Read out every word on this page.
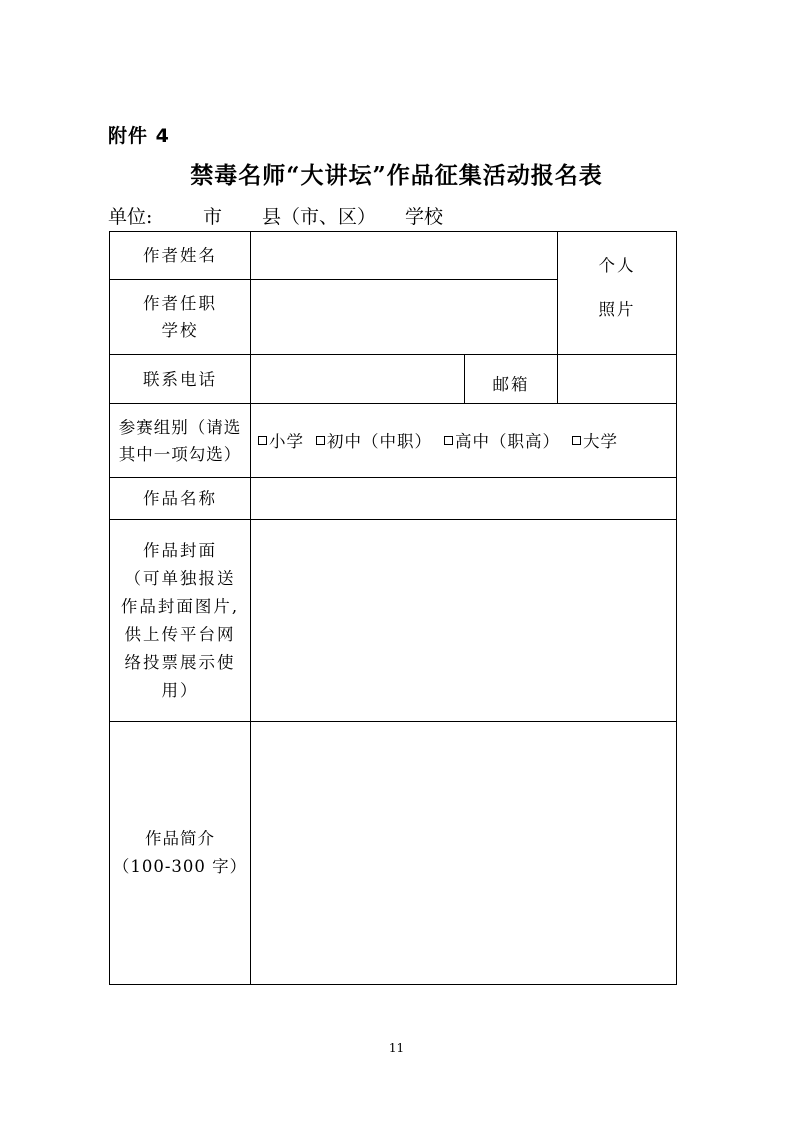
附件 4
禁毒名师“大讲坛”作品征集活动报名表
单位:	市 县（市、区） 学校
作者姓名
作者任职
学校
个人
照片
联系电话	邮箱
参赛组别（请选
其中一项勾选）
小学 初中（中职） 高中（职高） 大学
作品名称
作品封面
（可单独报送
作品封面图片,
供上传平台网
络投票展示使
用）
作品简介
（100-300 字）
11
